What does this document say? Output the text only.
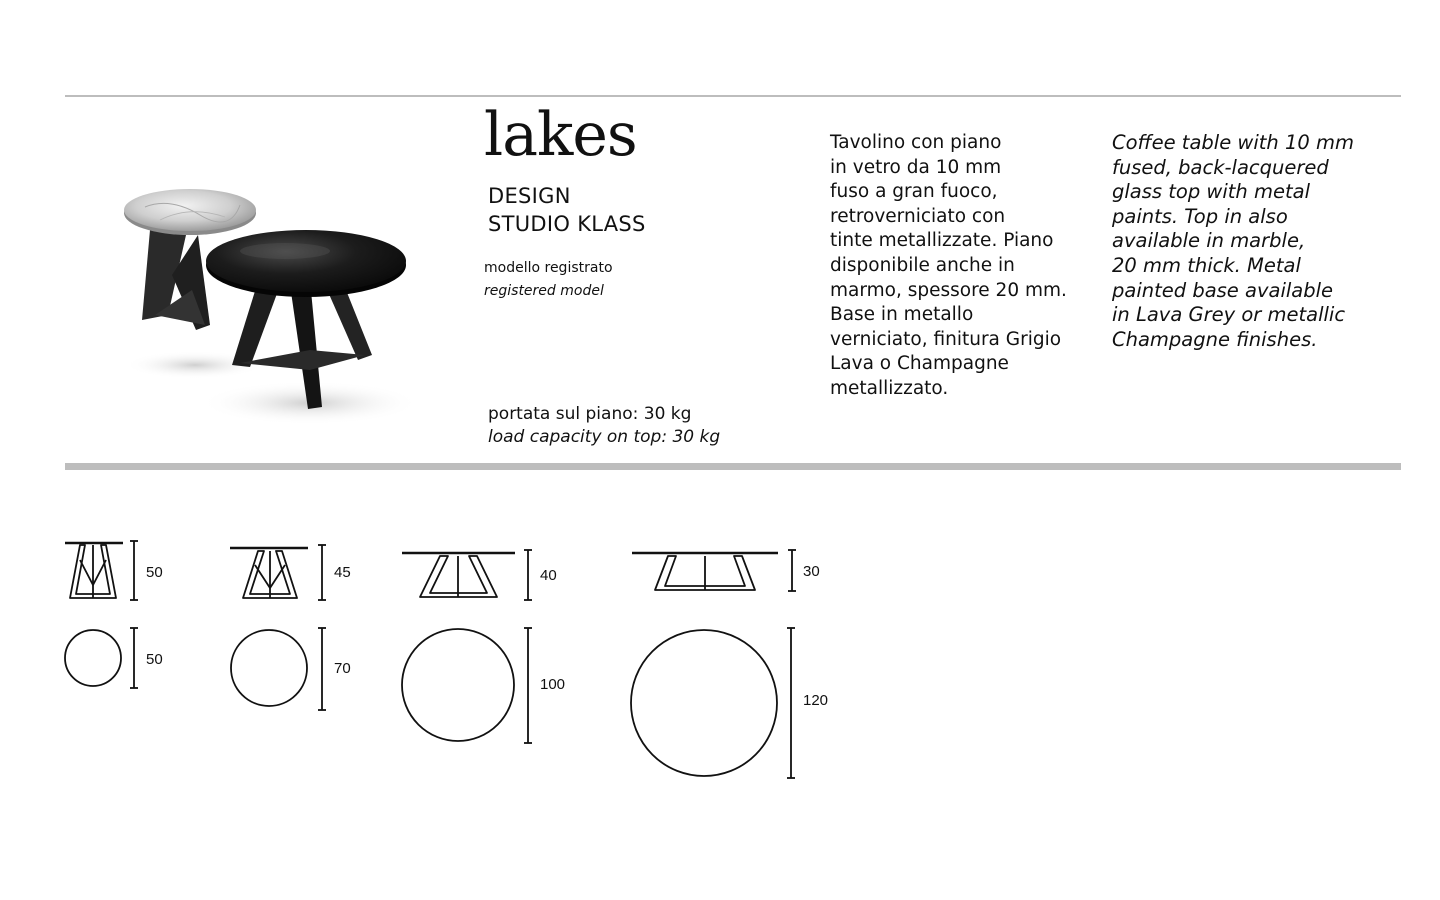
lakes
DESIGN
STUDIO KLASS
modello registrato
registered model
portata sul piano: 30 kg
load capacity on top: 30 kg
Tavolino con piano
in vetro da 10 mm
fuso a gran fuoco,
retroverniciato con
tinte metallizzate. Piano
disponibile anche in
marmo, spessore 20 mm.
Base in metallo
verniciato, finitura Grigio
Lava o Champagne
metallizzato.
Coffee table with 10 mm
fused, back-lacquered
glass top with metal
paints. Top in also
available in marble,
20 mm thick. Metal
painted base available
in Lava Grey or metallic
Champagne finishes.
50	45	40	30
50
70
100
120
